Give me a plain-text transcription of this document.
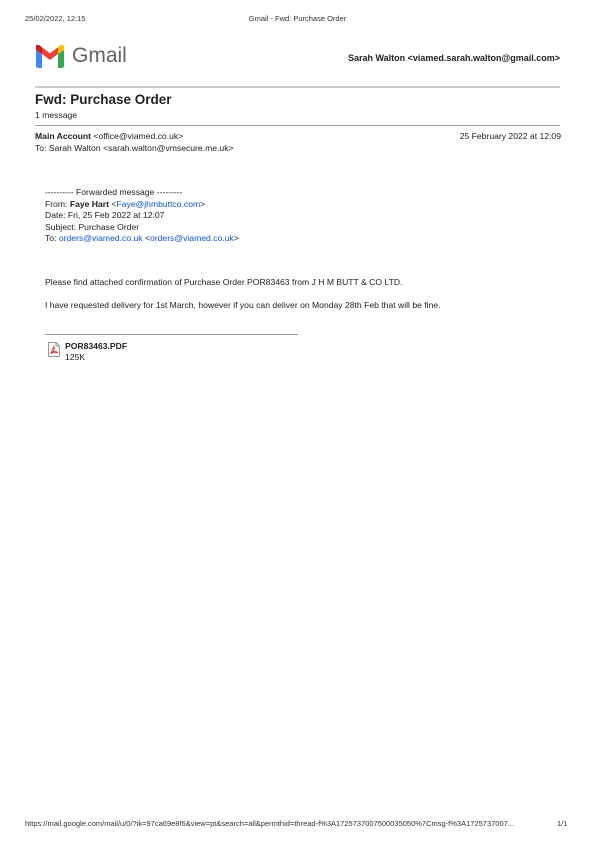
25/02/2022, 12:15	Gmail - Fwd: Purchase Order
Gmail	Sarah Walton <viamed.sarah.walton@gmail.com>
Fwd: Purchase Order
1 message
Main Account <office@viamed.co.uk>	25 February 2022 at 12:09
To: Sarah Walton <sarah.walton@vmsecure.me.uk>
---------- Forwarded message ---------
From: Faye Hart <Faye@jhmbuttco.com>
Date: Fri, 25 Feb 2022 at 12:07
Subject: Purchase Order
To: orders@viamed.co.uk <orders@viamed.co.uk>
Please find attached confirmation of Purchase Order POR83463 from J H M BUTT & CO LTD.
I have requested delivery for 1st March, however if you can deliver on Monday 28th Feb that will be fine.
POR83463.PDF
125K
https://mail.google.com/mail/u/0/?ik=97ca69e8f6&view=pt&search=all&permthid=thread-f%3A1725737007500035050%7Cmsg-f%3A1725737007...	1/1
